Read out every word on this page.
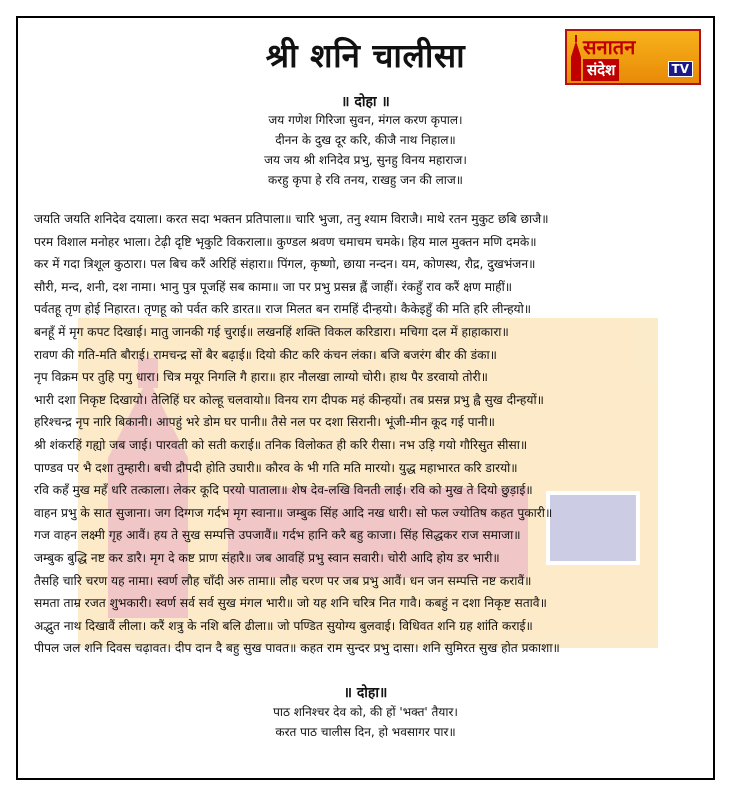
श्री शनि चालीसा	सनातन
संदेश	TV
॥ दोहा ॥
जय गणेश गिरिजा सुवन, मंगल करण कृपाल।
दीनन के दुख दूर करि, कीजै नाथ निहाल॥
जय जय श्री शनिदेव प्रभु, सुनहु विनय महाराज।
करहु कृपा हे रवि तनय, राखहु जन की लाज॥
जयति जयति शनिदेव दयाला। करत सदा भक्तन प्रतिपाला॥ चारि भुजा, तनु श्याम विराजै। माथे रतन मुकुट छबि छाजै॥
परम विशाल मनोहर भाला। टेढ़ी दृष्टि भृकुटि विकराला॥ कुण्डल श्रवण चमाचम चमके। हिय माल मुक्तन मणि दमके॥
कर में गदा त्रिशूल कुठारा। पल बिच करैं अरिहिं संहारा॥ पिंगल, कृष्णो, छाया नन्दन। यम, कोणस्थ, रौद्र, दुखभंजन॥
सौरी, मन्द, शनी, दश नामा। भानु पुत्र पूजहिं सब कामा॥ जा पर प्रभु प्रसन्न ह्वैं जाहीं। रंकहुँ राव करैं क्षण माहीं॥
पर्वतहू तृण होई निहारत। तृणहू को पर्वत करि डारत॥ राज मिलत बन रामहिं दीन्हयो। कैकेइहुँ की मति हरि लीन्हयो॥
बनहूँ में मृग कपट दिखाई। मातु जानकी गई चुराई॥ लखनहिं शक्ति विकल करिडारा। मचिगा दल में हाहाकारा॥
रावण की गति-मति बौराई। रामचन्द्र सों बैर बढ़ाई॥ दियो कीट करि कंचन लंका। बजि बजरंग बीर की डंका॥
नृप विक्रम पर तुहि पगु धारा। चित्र मयूर निगलि गै हारा॥ हार नौलखा लाग्यो चोरी। हाथ पैर डरवायो तोरी॥
भारी दशा निकृष्ट दिखायो। तेलिहिं घर कोल्हू चलवायो॥ विनय राग दीपक महं कीन्हयों। तब प्रसन्न प्रभु ह्वै सुख दीन्हयों॥
हरिश्चन्द्र नृप नारि बिकानी। आपहुं भरे डोम घर पानी॥ तैसे नल पर दशा सिरानी। भूंजी-मीन कूद गई पानी॥
श्री शंकरहिं गह्यो जब जाई। पारवती को सती कराई॥ तनिक विलोकत ही करि रीसा। नभ उड़ि गयो गौरिसुत सीसा॥
पाण्डव पर भै दशा तुम्हारी। बची द्रौपदी होति उघारी॥ कौरव के भी गति मति मारयो। युद्ध महाभारत करि डारयो॥
रवि कहँ मुख महँ धरि तत्काला। लेकर कूदि परयो पाताला॥ शेष देव-लखि विनती लाई। रवि को मुख ते दियो छुड़ाई॥
वाहन प्रभु के सात सुजाना। जग दिग्गज गर्दभ मृग स्वाना॥ जम्बुक सिंह आदि नख धारी। सो फल ज्योतिष कहत पुकारी॥
गज वाहन लक्ष्मी गृह आवैं। हय ते सुख सम्पत्ति उपजावैं॥ गर्दभ हानि करै बहु काजा। सिंह सिद्धकर राज समाजा॥
जम्बुक बुद्धि नष्ट कर डारै। मृग दे कष्ट प्राण संहारै॥ जब आवहिं प्रभु स्वान सवारी। चोरी आदि होय डर भारी॥
तैसहि चारि चरण यह नामा। स्वर्ण लौह चाँदी अरु तामा॥ लौह चरण पर जब प्रभु आवैं। धन जन सम्पत्ति नष्ट करावैं॥
समता ताम्र रजत शुभकारी। स्वर्ण सर्व सर्व सुख मंगल भारी॥ जो यह शनि चरित्र नित गावै। कबहुं न दशा निकृष्ट सतावै॥
अद्भुत नाथ दिखावैं लीला। करैं शत्रु के नशि बलि ढीला॥ जो पण्डित सुयोग्य बुलवाई। विधिवत शनि ग्रह शांति कराई॥
पीपल जल शनि दिवस चढ़ावत। दीप दान दै बहु सुख पावत॥ कहत राम सुन्दर प्रभु दासा। शनि सुमिरत सुख होत प्रकाशा॥
॥ दोहा॥
पाठ शनिश्चर देव को, की हों 'भक्त' तैयार।
करत पाठ चालीस दिन, हो भवसागर पार॥
